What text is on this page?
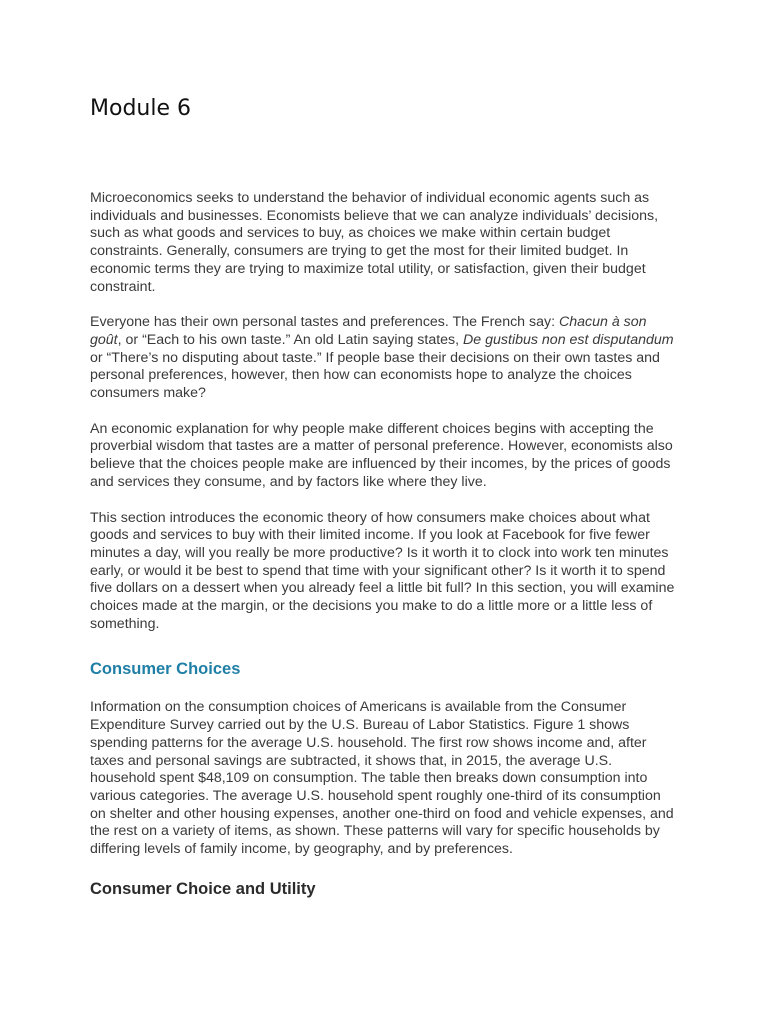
Module 6

Microeconomics seeks to understand the behavior of individual economic agents such as individuals and businesses. Economists believe that we can analyze individuals’ decisions, such as what goods and services to buy, as choices we make within certain budget constraints. Generally, consumers are trying to get the most for their limited budget. In economic terms they are trying to maximize total utility, or satisfaction, given their budget constraint.

Everyone has their own personal tastes and preferences. The French say: Chacun à son goût, or “Each to his own taste.” An old Latin saying states, De gustibus non est disputandum or “There’s no disputing about taste.” If people base their decisions on their own tastes and personal preferences, however, then how can economists hope to analyze the choices consumers make?

An economic explanation for why people make different choices begins with accepting the proverbial wisdom that tastes are a matter of personal preference. However, economists also believe that the choices people make are influenced by their incomes, by the prices of goods and services they consume, and by factors like where they live.

This section introduces the economic theory of how consumers make choices about what goods and services to buy with their limited income. If you look at Facebook for five fewer minutes a day, will you really be more productive? Is it worth it to clock into work ten minutes early, or would it be best to spend that time with your significant other? Is it worth it to spend five dollars on a dessert when you already feel a little bit full? In this section, you will examine choices made at the margin, or the decisions you make to do a little more or a little less of something.

Consumer Choices

Information on the consumption choices of Americans is available from the Consumer Expenditure Survey carried out by the U.S. Bureau of Labor Statistics. Figure 1 shows spending patterns for the average U.S. household. The first row shows income and, after taxes and personal savings are subtracted, it shows that, in 2015, the average U.S. household spent $48,109 on consumption. The table then breaks down consumption into various categories. The average U.S. household spent roughly one-third of its consumption on shelter and other housing expenses, another one-third on food and vehicle expenses, and the rest on a variety of items, as shown. These patterns will vary for specific households by differing levels of family income, by geography, and by preferences.

Consumer Choice and Utility
